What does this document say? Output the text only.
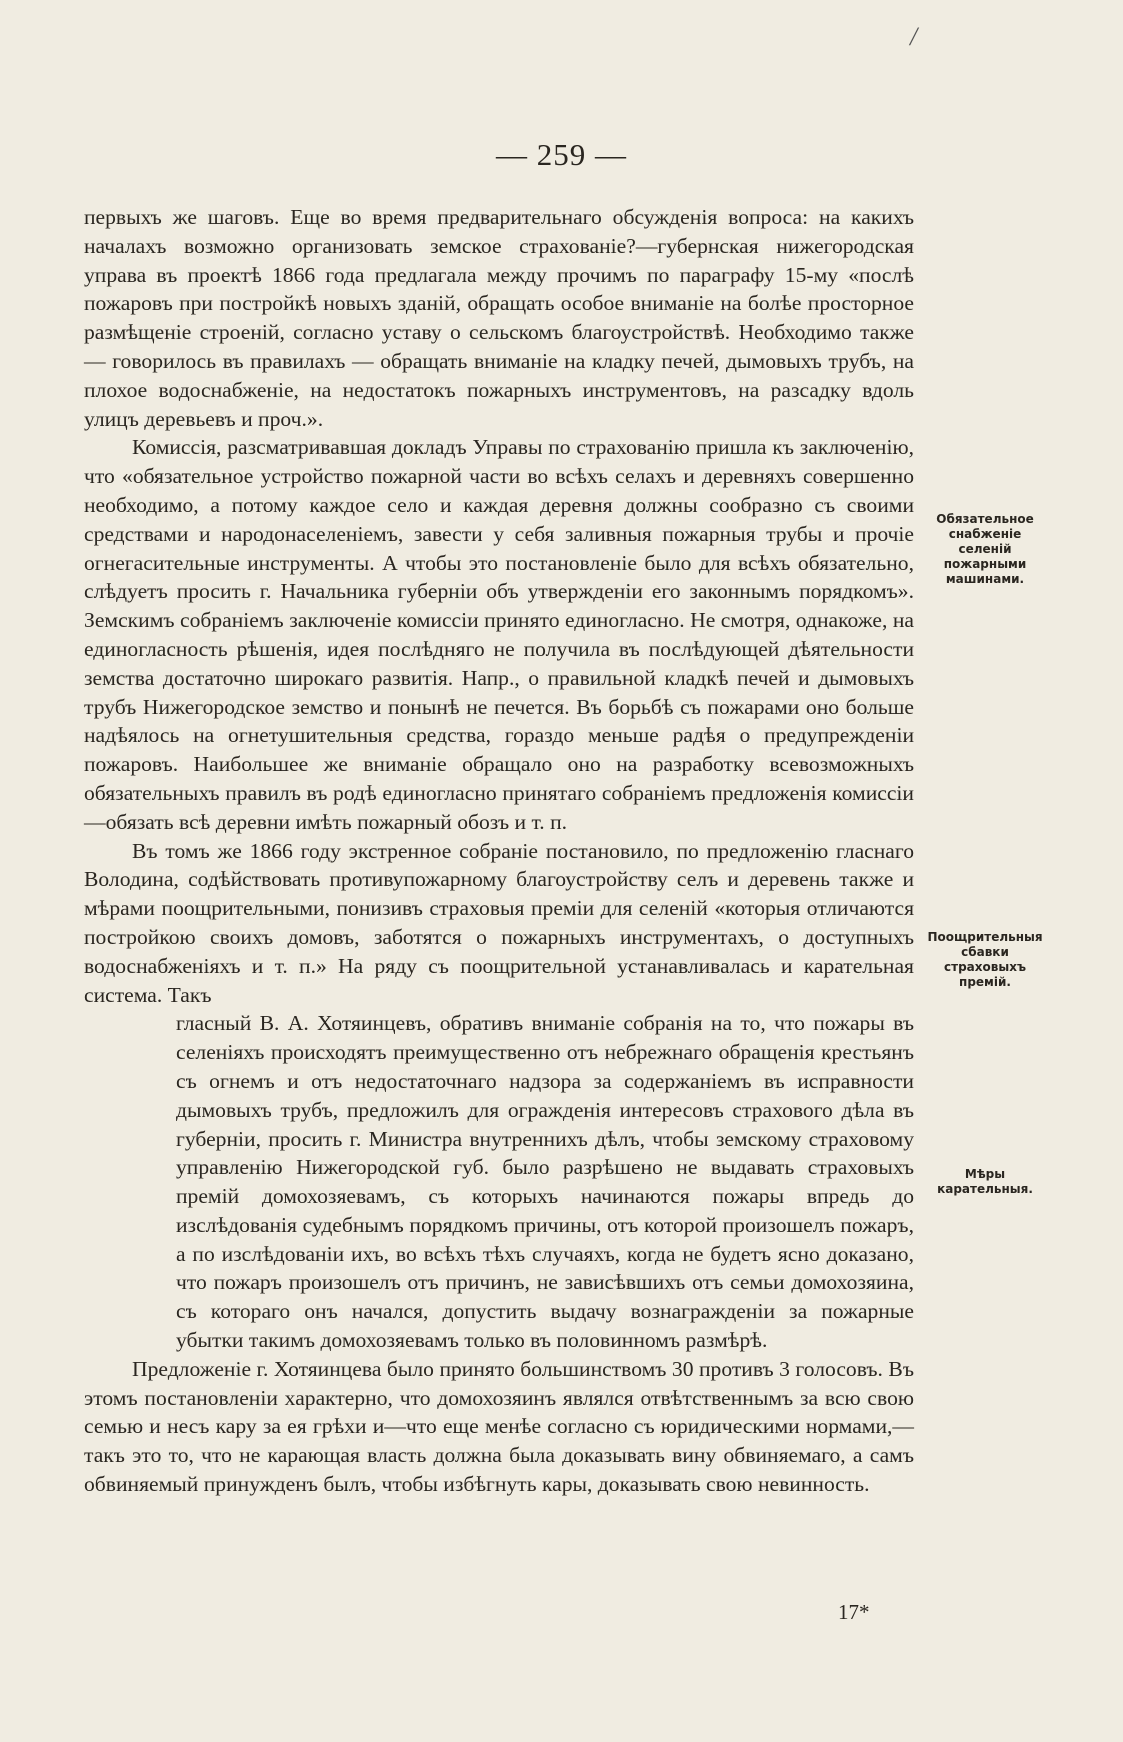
/
— 259 —

первыхъ же шаговъ. Еще во время предварительнаго обсужденія вопроса: на какихъ началахъ возможно организовать земское страхованіе?—губернская нижегородская управа въ проектѣ 1866 года предлагала между прочимъ по параграфу 15-му «послѣ пожаровъ при постройкѣ новыхъ зданій, обращать особое вниманіе на болѣе просторное размѣщеніе строеній, согласно уставу о сельскомъ благоустройствѣ. Необходимо также — говорилось въ правилахъ — обращать вниманіе на кладку печей, дымовыхъ трубъ, на плохое водоснабженіе, на недостатокъ пожарныхъ инструментовъ, на разсадку вдоль улицъ деревьевъ и проч.».

Комиссія, разсматривавшая докладъ Управы по страхованію пришла къ заключенію, что «обязательное устройство пожарной части во всѣхъ селахъ и деревняхъ совершенно необходимо, а потому каждое село и каждая деревня должны сообразно съ своими средствами и народонаселеніемъ, завести у себя заливныя пожарныя трубы и прочіе огнегасительные инструменты. А чтобы это постановленіе было для всѣхъ обязательно, слѣдуетъ просить г. Начальника губерніи объ утвержденіи его законнымъ порядкомъ». Земскимъ собраніемъ заключеніе комиссіи принято единогласно. Не смотря, однакоже, на единогласность рѣшенія, идея послѣдняго не получила въ послѣдующей дѣятельности земства достаточно широкаго развитія. Напр., о правильной кладкѣ печей и дымовыхъ трубъ Нижегородское земство и понынѣ не печется. Въ борьбѣ съ пожарами оно больше надѣялось на огнетушительныя средства, гораздо меньше радѣя о предупрежденіи пожаровъ. Наибольшее же вниманіе обращало оно на разработку всевозможныхъ обязательныхъ правилъ въ родѣ единогласно принятаго собраніемъ предложенія комиссіи—обязать всѣ деревни имѣть пожарный обозъ и т. п.

Въ томъ же 1866 году экстренное собраніе постановило, по предложенію гласнаго Володина, содѣйствовать противупожарному благоустройству селъ и деревень также и мѣрами поощрительными, понизивъ страховыя преміи для селеній «которыя отличаются постройкою своихъ домовъ, заботятся о пожарныхъ инструментахъ, о доступныхъ водоснабженіяхъ и т. п.» На ряду съ поощрительной устанавливалась и карательная система. Такъ

гласный В. А. Хотяинцевъ, обративъ вниманіе собранія на то, что пожары въ селеніяхъ происходятъ преимущественно отъ небрежнаго обращенія крестьянъ съ огнемъ и отъ недостаточнаго надзора за содержаніемъ въ исправности дымовыхъ трубъ, предложилъ для огражденія интересовъ страхового дѣла въ губерніи, просить г. Министра внутреннихъ дѣлъ, чтобы земскому страховому управленію Нижегородской губ. было разрѣшено не выдавать страховыхъ премій домохозяевамъ, съ которыхъ начинаются пожары впредь до изслѣдованія судебнымъ порядкомъ причины, отъ которой произошелъ пожаръ, а по изслѣдованіи ихъ, во всѣхъ тѣхъ случаяхъ, когда не будетъ ясно доказано, что пожаръ произошелъ отъ причинъ, не зависѣвшихъ отъ семьи домохозяина, съ котораго онъ начался, допустить выдачу вознагражденіи за пожарные убытки такимъ домохозяевамъ только въ половинномъ размѣрѣ.

Предложеніе г. Хотяинцева было принято большинствомъ 30 противъ 3 голосовъ. Въ этомъ постановленіи характерно, что домохозяинъ являлся отвѣтственнымъ за всю свою семью и несъ кару за ея грѣхи и—что еще менѣе согласно съ юридическими нормами,—такъ это то, что не карающая власть должна была доказывать вину обвиняемаго, а самъ обвиняемый принужденъ былъ, чтобы избѣгнуть кары, доказывать свою невинность.

Обязательное снабженіе селеній пожарными машинами.
Поощрительныя сбавки страховыхъ премій.
Мѣры карательныя.
17*
